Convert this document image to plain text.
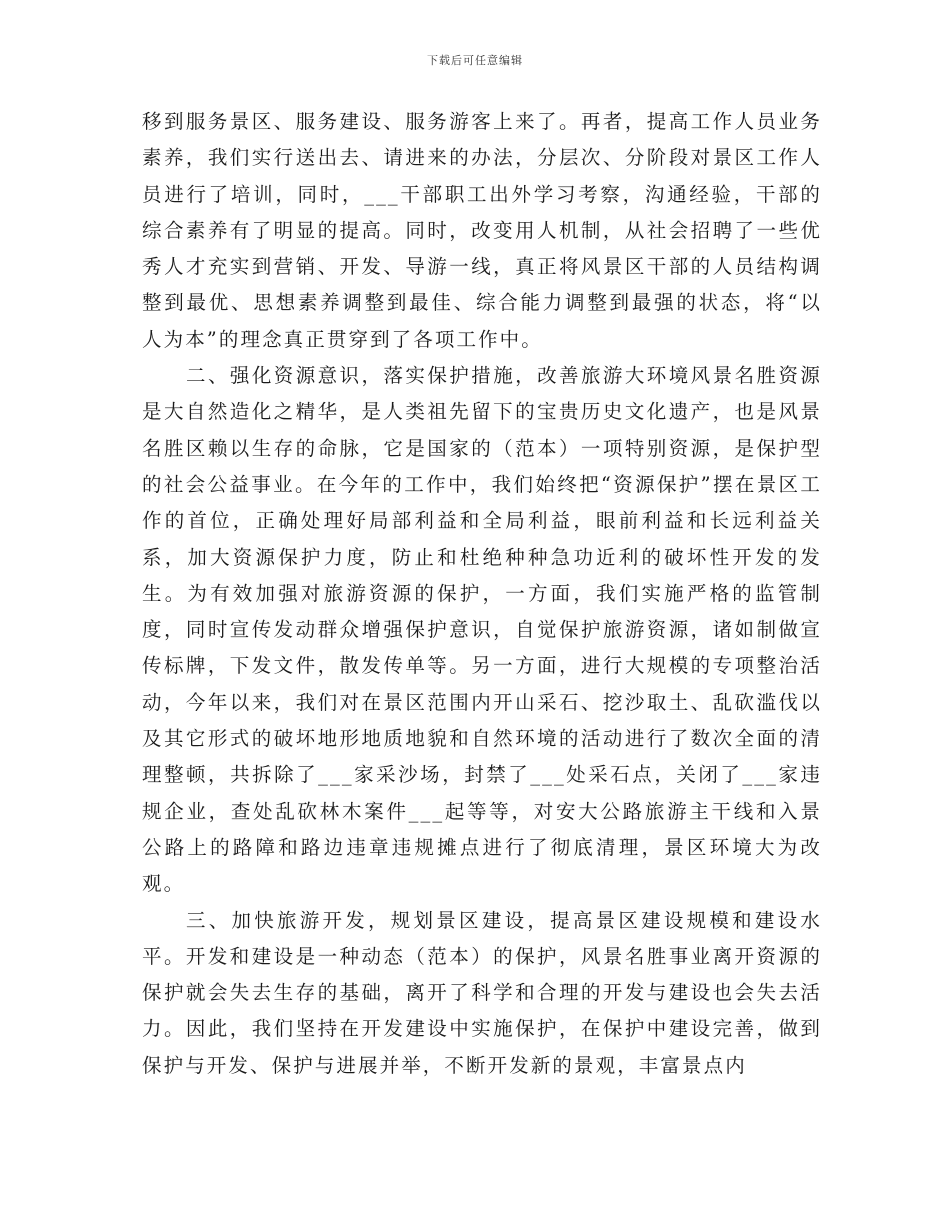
下载后可任意编辑

移到服务景区、服务建设、服务游客上来了。再者，提高工作人员业务素养，我们实行送出去、请进来的办法，分层次、分阶段对景区工作人员进行了培训，同时，___干部职工出外学习考察，沟通经验，干部的综合素养有了明显的提高。同时，改变用人机制，从社会招聘了一些优秀人才充实到营销、开发、导游一线，真正将风景区干部的人员结构调整到最优、思想素养调整到最佳、综合能力调整到最强的状态，将“以人为本”的理念真正贯穿到了各项工作中。

二、强化资源意识，落实保护措施，改善旅游大环境风景名胜资源是大自然造化之精华，是人类祖先留下的宝贵历史文化遗产，也是风景名胜区赖以生存的命脉，它是国家的（范本）一项特别资源，是保护型的社会公益事业。在今年的工作中，我们始终把“资源保护”摆在景区工作的首位，正确处理好局部利益和全局利益，眼前利益和长远利益关系，加大资源保护力度，防止和杜绝种种急功近利的破坏性开发的发生。为有效加强对旅游资源的保护，一方面，我们实施严格的监管制度，同时宣传发动群众增强保护意识，自觉保护旅游资源，诸如制做宣传标牌，下发文件，散发传单等。另一方面，进行大规模的专项整治活动，今年以来，我们对在景区范围内开山采石、挖沙取土、乱砍滥伐以及其它形式的破坏地形地质地貌和自然环境的活动进行了数次全面的清理整顿，共拆除了___家采沙场，封禁了___处采石点，关闭了___家违规企业，查处乱砍林木案件___起等等，对安大公路旅游主干线和入景公路上的路障和路边违章违规摊点进行了彻底清理，景区环境大为改观。

三、加快旅游开发，规划景区建设，提高景区建设规模和建设水平。开发和建设是一种动态（范本）的保护，风景名胜事业离开资源的保护就会失去生存的基础，离开了科学和合理的开发与建设也会失去活力。因此，我们坚持在开发建设中实施保护，在保护中建设完善，做到保护与开发、保护与进展并举，不断开发新的景观，丰富景点内
